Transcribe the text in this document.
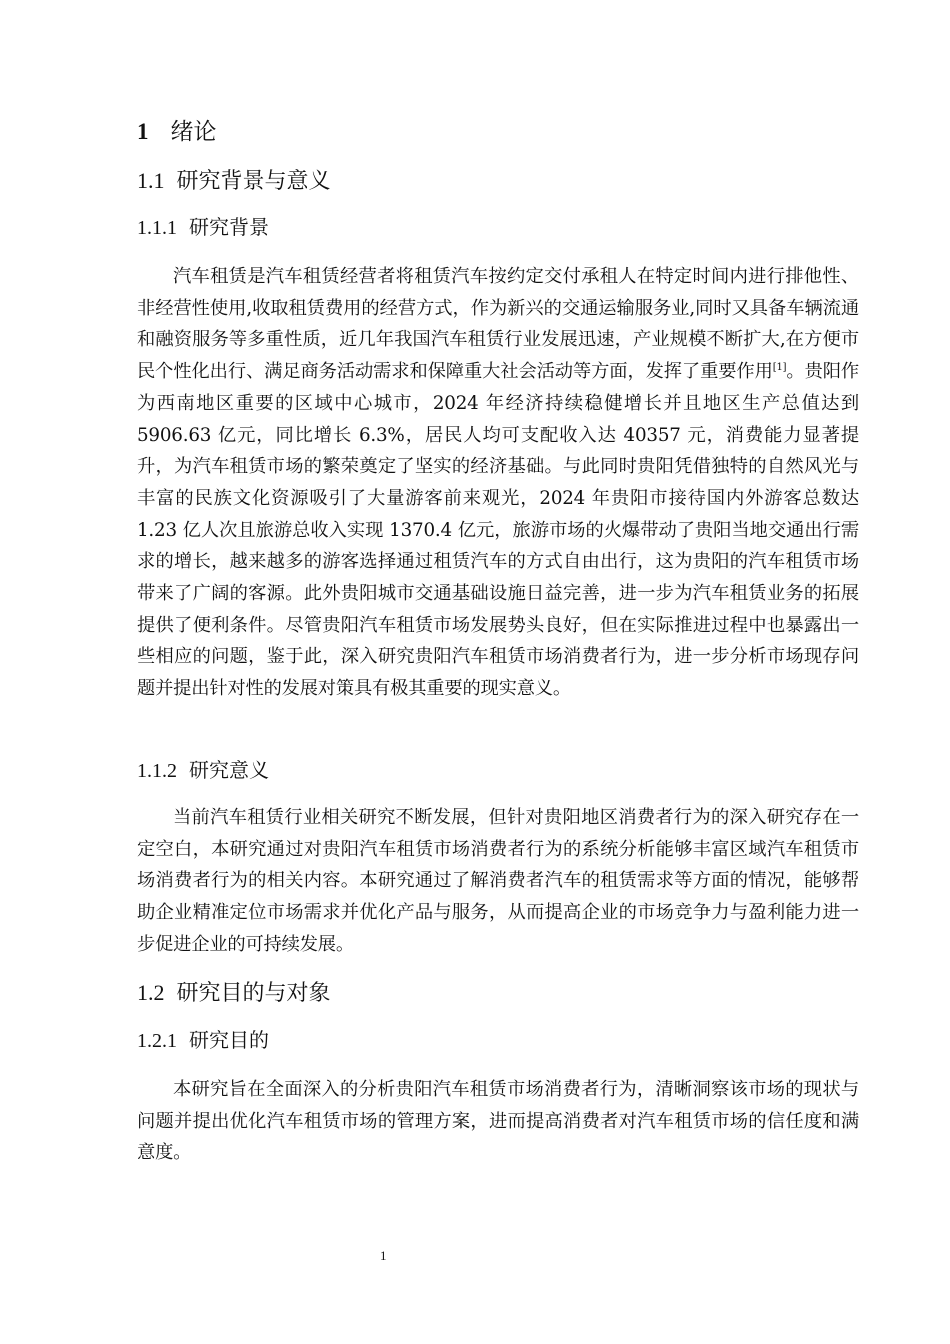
1 绪论
1.1 研究背景与意义
1.1.1 研究背景

汽车租赁是汽车租赁经营者将租赁汽车按约定交付承租人在特定时间内进行排他性、非经营性使用,收取租赁费用的经营方式，作为新兴的交通运输服务业,同时又具备车辆流通和融资服务等多重性质，近几年我国汽车租赁行业发展迅速，产业规模不断扩大,在方便市民个性化出行、满足商务活动需求和保障重大社会活动等方面，发挥了重要作用[1]。贵阳作为西南地区重要的区域中心城市，2024 年经济持续稳健增长并且地区生产总值达到 5906.63 亿元，同比增长 6.3%，居民人均可支配收入达 40357 元，消费能力显著提升，为汽车租赁市场的繁荣奠定了坚实的经济基础。与此同时贵阳凭借独特的自然风光与丰富的民族文化资源吸引了大量游客前来观光，2024 年贵阳市接待国内外游客总数达 1.23 亿人次且旅游总收入实现 1370.4 亿元，旅游市场的火爆带动了贵阳当地交通出行需求的增长，越来越多的游客选择通过租赁汽车的方式自由出行，这为贵阳的汽车租赁市场带来了广阔的客源。此外贵阳城市交通基础设施日益完善，进一步为汽车租赁业务的拓展提供了便利条件。尽管贵阳汽车租赁市场发展势头良好，但在实际推进过程中也暴露出一些相应的问题，鉴于此，深入研究贵阳汽车租赁市场消费者行为，进一步分析市场现存问题并提出针对性的发展对策具有极其重要的现实意义。

1.1.2 研究意义

当前汽车租赁行业相关研究不断发展，但针对贵阳地区消费者行为的深入研究存在一定空白，本研究通过对贵阳汽车租赁市场消费者行为的系统分析能够丰富区域汽车租赁市场消费者行为的相关内容。本研究通过了解消费者汽车的租赁需求等方面的情况，能够帮助企业精准定位市场需求并优化产品与服务，从而提高企业的市场竞争力与盈利能力进一步促进企业的可持续发展。

1.2 研究目的与对象
1.2.1 研究目的

本研究旨在全面深入的分析贵阳汽车租赁市场消费者行为，清晰洞察该市场的现状与问题并提出优化汽车租赁市场的管理方案，进而提高消费者对汽车租赁市场的信任度和满意度。

1
